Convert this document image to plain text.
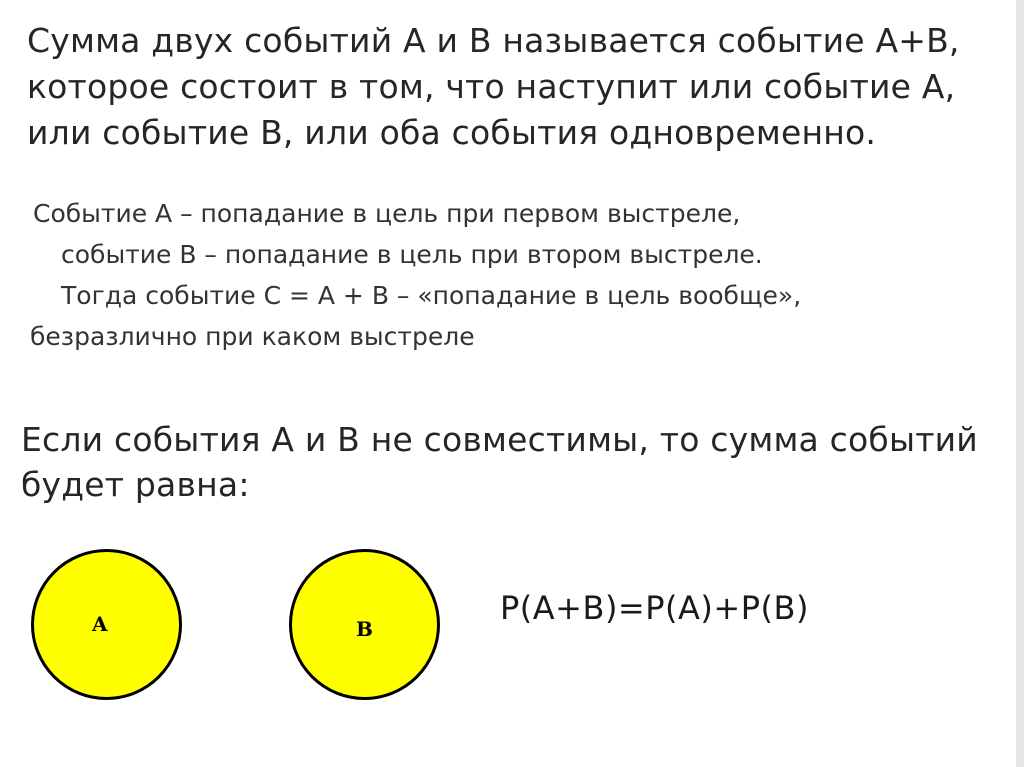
Сумма двух событий А и В называется событие А+В,
которое состоит в том, что наступит или событие А,
или событие В, или оба события одновременно.
Событие А – попадание в цель при первом выстреле,
событие В – попадание в цель при втором выстреле.
Тогда событие С = А + В – «попадание в цель вообще»,
безразлично при каком выстреле
Если события А и В не совместимы, то сумма событий
будет равна:
A	B
P(A+B)=P(A)+P(B)
